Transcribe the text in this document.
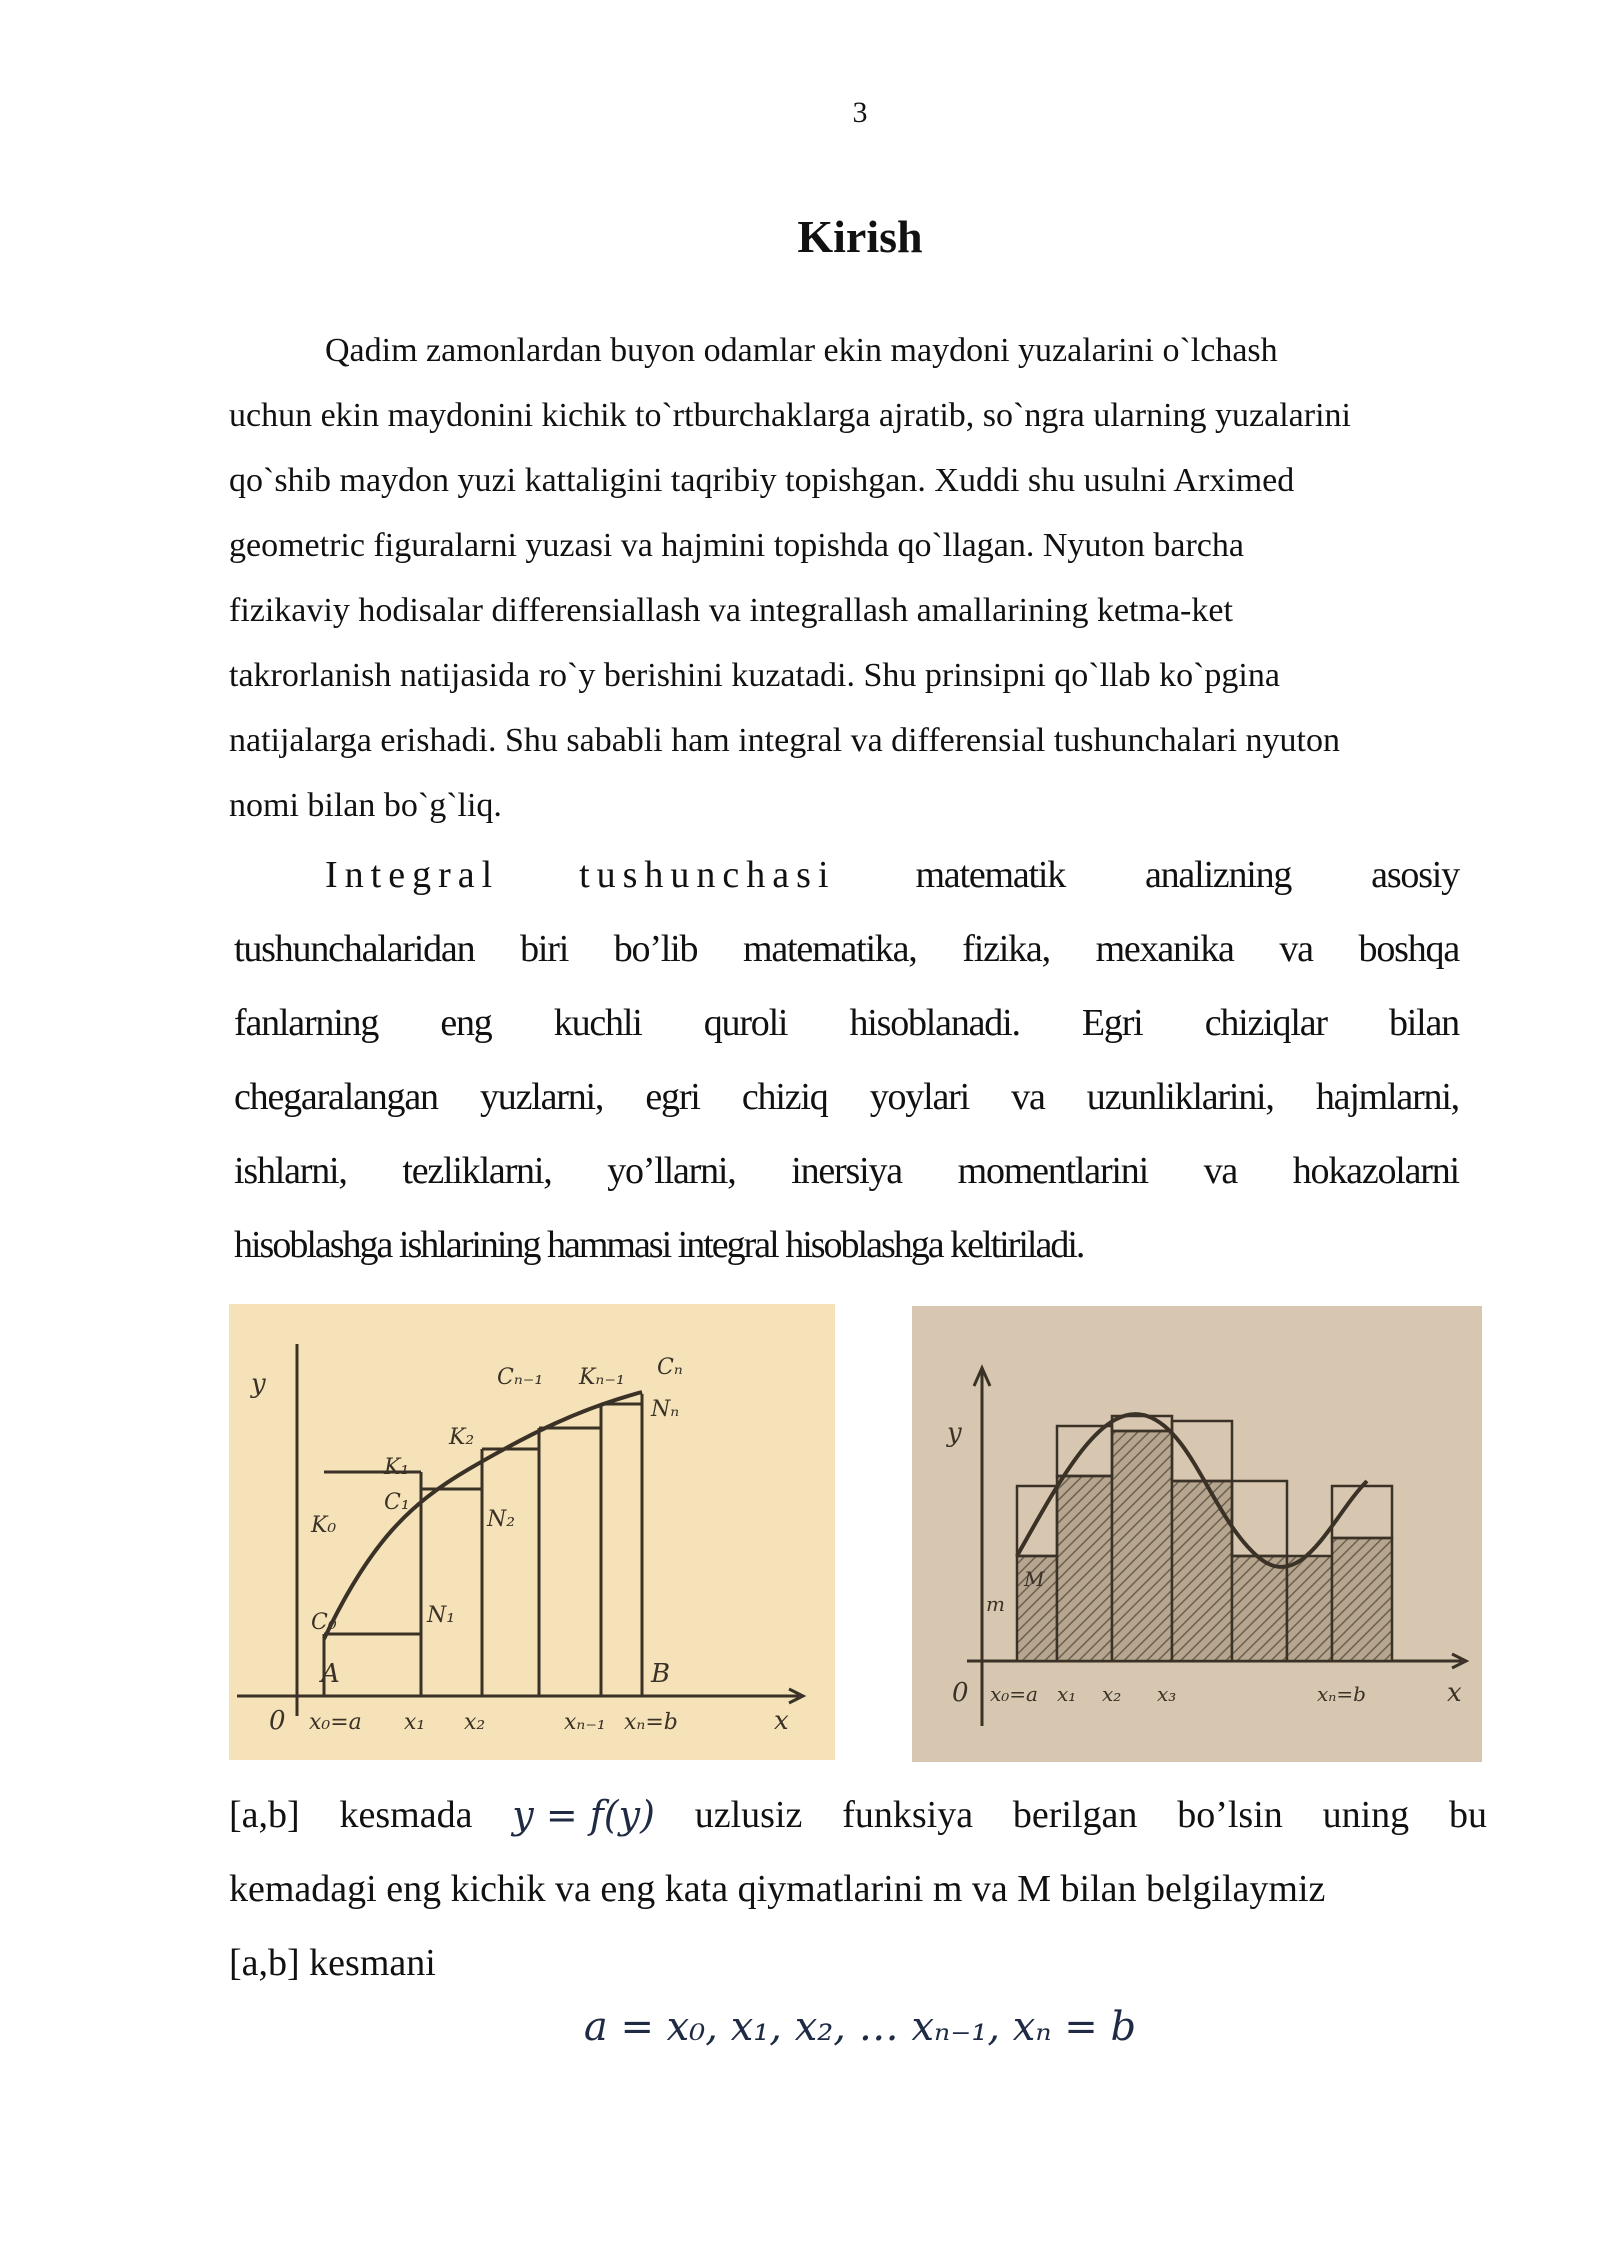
3
Kirish
Qadim zamonlardan buyon odamlar ekin maydoni yuzalarini o`lchash
uchun ekin maydonini kichik to`rtburchaklarga ajratib, so`ngra ularning yuzalarini
qo`shib maydon yuzi kattaligini taqribiy topishgan. Xuddi shu usulni Arximed
geometric figuralarni yuzasi va hajmini topishda qo`llagan. Nyuton barcha
fizikaviy hodisalar differensiallash va integrallash amallarining ketma-ket
takrorlanish natijasida ro`y berishini kuzatadi. Shu prinsipni qo`llab ko`pgina
natijalarga erishadi. Shu sababli ham integral va differensial tushunchalari nyuton
nomi bilan bo`g`liq.
Integral tushunchasi matematik analizning asosiy
tushunchalaridan biri bo’lib matematika, fizika, mexanika va boshqa
fanlarning eng kuchli quroli hisoblanadi. Egri chiziqlar bilan
chegaralangan yuzlarni, egri chiziq yoylari va uzunliklarini, hajmlarni,
ishlarni, tezliklarni, yo’llarni, inersiya momentlarini va hokazolarni
hisoblashga ishlarining hammasi integral hisoblashga keltiriladi.
y
x
0 x₀=a x₁ x₂	xₙ₋₁ xₙ=b
A	B
C₀
K₀
K₁
C₁
K₂
N₁
N₂
Cₙ₋₁ Kₙ₋₁ Cₙ
Nₙ
y
x
0 x₀=a x₁ x₂ x₃	xₙ=b
m
M
[a,b] kesmada y = f(y) uzlusiz funksiya berilgan bo’lsin uning bu
kemadagi eng kichik va eng kata qiymatlarini m va M bilan belgilaymiz
[a,b] kesmani
a = x₀, x₁, x₂, … xₙ₋₁, xₙ = b
